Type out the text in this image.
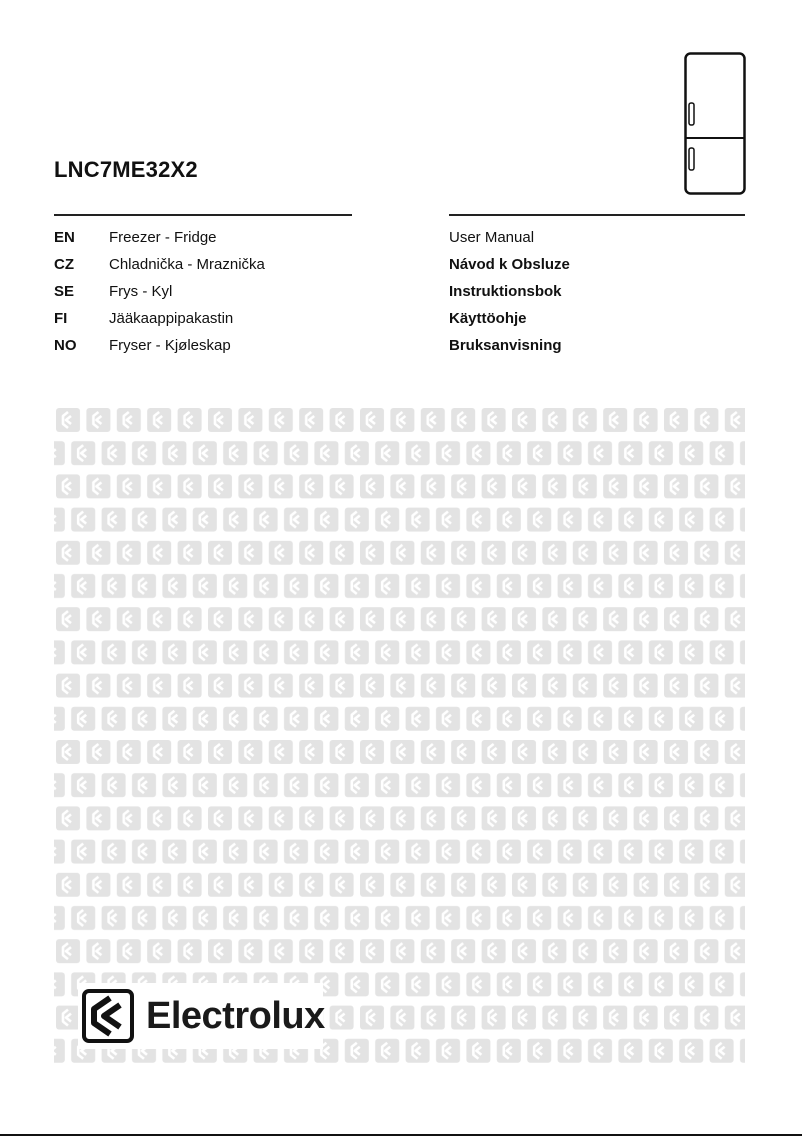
LNC7ME32X2
EN Freezer - Fridge	User Manual
CZ Chladnička - Mraznička	Návod k Obsluze
SE Frys - Kyl	Instruktionsbok
FI	Jääkaappipakastin	Käyttöohje
NO Fryser - Kjøleskap	Bruksanvisning
Electrolux
